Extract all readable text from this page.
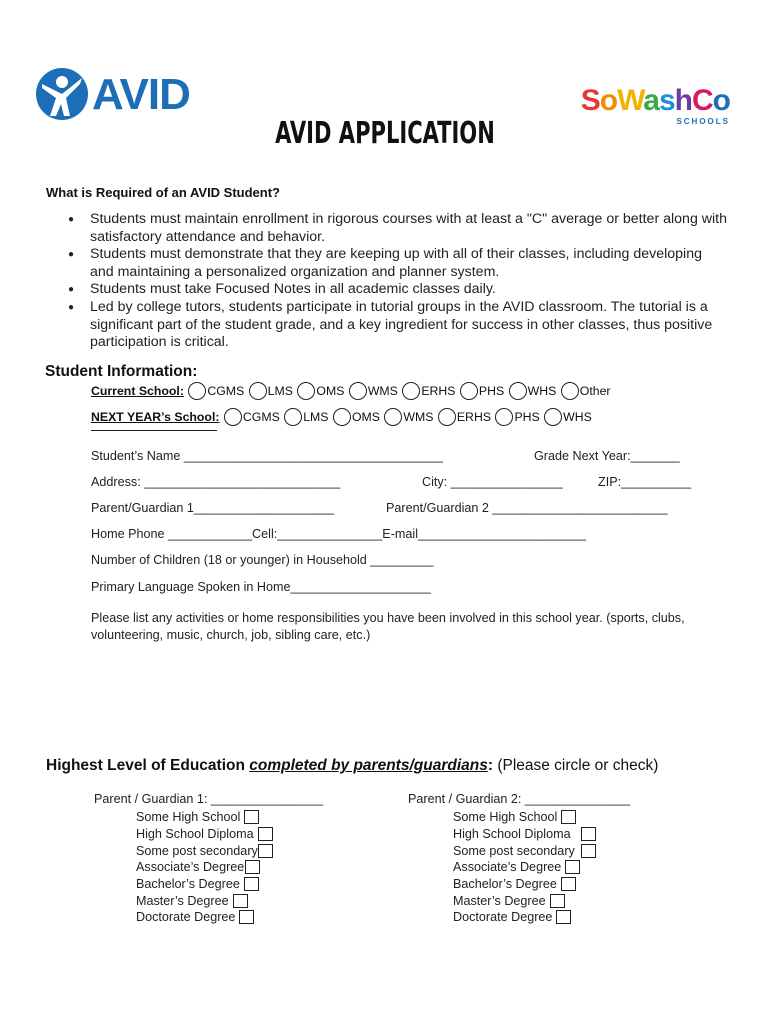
AVID	SoWashCo
SCHOOLS
AVID APPLICATION
What is Required of an AVID Student?
● Students must maintain enrollment in rigorous courses with at least a "C" average or better along with satisfactory attendance and behavior.
● Students must demonstrate that they are keeping up with all of their classes, including developing and maintaining a personalized organization and planner system.
● Students must take Focused Notes in all academic classes daily.
● Led by college tutors, students participate in tutorial groups in the AVID classroom. The tutorial is a significant part of the student grade, and a key ingredient for success in other classes, thus positive participation is critical.
Student Information:
Current School: CGMS LMS OMS WMS ERHS PHS WHS Other
NEXT YEAR’s School: CGMS LMS OMS WMS ERHS PHS WHS
Student’s Name _____________________________________	Grade Next Year:_______
Address: ____________________________	City: ________________	ZIP:__________
Parent/Guardian 1____________________	Parent/Guardian 2 _________________________
Home Phone ____________Cell:_______________E-mail________________________
Number of Children (18 or younger) in Household _________
Primary Language Spoken in Home____________________
Please list any activities or home responsibilities you have been involved in this school year. (sports, clubs, volunteering, music, church, job, sibling care, etc.)
Highest Level of Education completed by parents/guardians: (Please circle or check)
Parent / Guardian 1: ________________
Some High School
High School Diploma
Some post secondary
Associate’s Degree
Bachelor’s Degree
Master’s Degree
Doctorate Degree
Parent / Guardian 2: _______________
Some High School
High School Diploma
Some post secondary
Associate’s Degree
Bachelor’s Degree
Master’s Degree
Doctorate Degree
